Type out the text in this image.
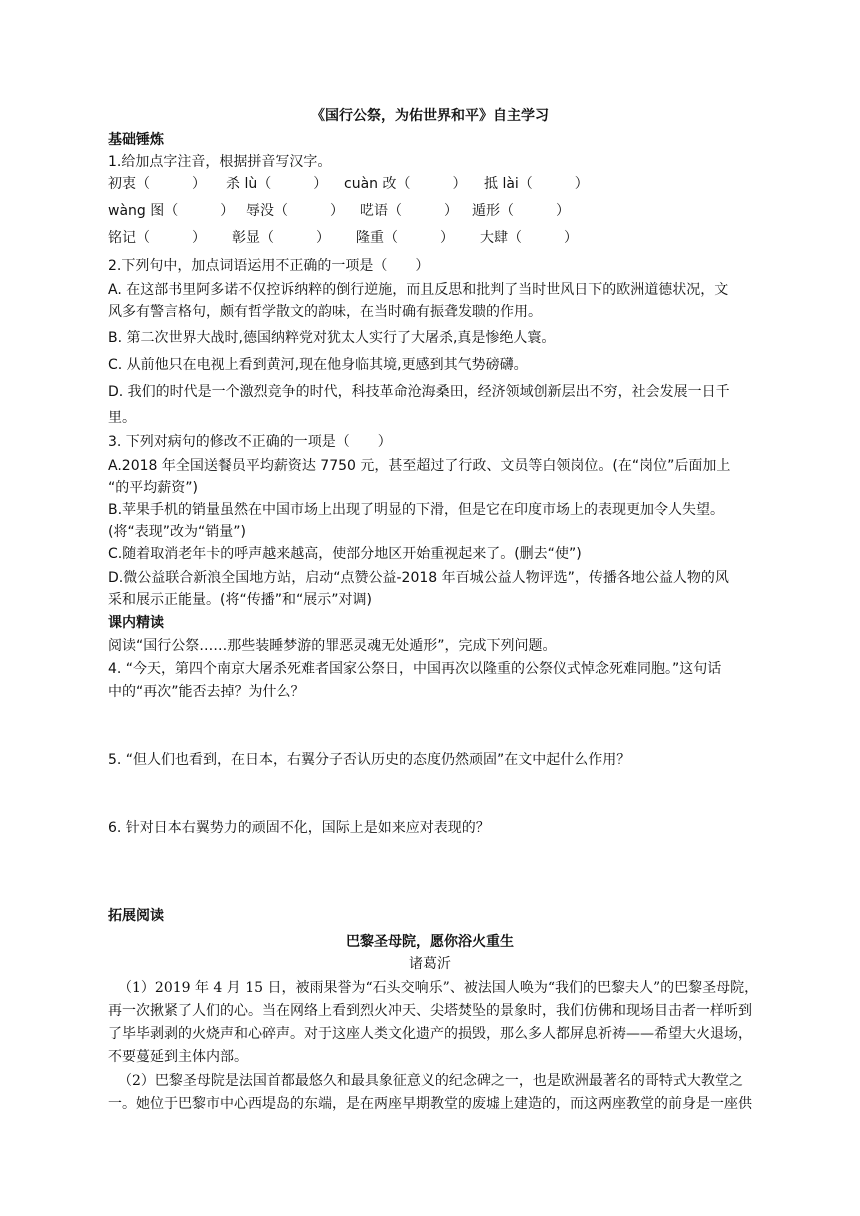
《国行公祭，为佑世界和平》自主学习
基础锤炼
1.给加点字注音，根据拼音写汉字。
初衷（　　　）	杀 lù（　　　）	cuàn 改（　　　）	抵 lài（　　　）
wàng 图（　　　） 辱没（　　　）	呓语（　　　）	遁形（　　　）
铭记（　　　）	彰显（　　　）	隆重（　　　）	大肆（　　　）
2.下列句中，加点词语运用不正确的一项是（　　）
A. 在这部书里阿多诺不仅控诉纳粹的倒行逆施，而且反思和批判了当时世风日下的欧洲道德状况，文
风多有警言格句，颇有哲学散文的韵味，在当时确有振聋发聩的作用。
B. 第二次世界大战时,德国纳粹党对犹太人实行了大屠杀,真是惨绝人寰。
C. 从前他只在电视上看到黄河,现在他身临其境,更感到其气势磅礴。
D. 我们的时代是一个激烈竞争的时代，科技革命沧海桑田，经济领域创新层出不穷，社会发展一日千
里。
3. 下列对病句的修改不正确的一项是（　　）
A.2018 年全国送餐员平均薪资达 7750 元，甚至超过了行政、文员等白领岗位。(在“岗位”后面加上
“的平均薪资”)
B.苹果手机的销量虽然在中国市场上出现了明显的下滑，但是它在印度市场上的表现更加令人失望。
(将“表现”改为“销量”)
C.随着取消老年卡的呼声越来越高，使部分地区开始重视起来了。(删去“使”)
D.微公益联合新浪全国地方站，启动“点赞公益-2018 年百城公益人物评选”，传播各地公益人物的风
采和展示正能量。(将“传播”和“展示”对调)
课内精读
阅读“国行公祭……那些装睡梦游的罪恶灵魂无处遁形”，完成下列问题。
4. “今天，第四个南京大屠杀死难者国家公祭日，中国再次以隆重的公祭仪式悼念死难同胞。”这句话
中的“再次”能否去掉？为什么？
5. “但人们也看到，在日本，右翼分子否认历史的态度仍然顽固”在文中起什么作用？
6. 针对日本右翼势力的顽固不化，国际上是如来应对表现的？
拓展阅读
巴黎圣母院，愿你浴火重生
诸葛沂
（1）2019 年 4 月 15 日，被雨果誉为“石头交响乐”、被法国人唤为“我们的巴黎夫人”的巴黎圣母院，
再一次揪紧了人们的心。当在网络上看到烈火冲天、尖塔焚坠的景象时，我们仿佛和现场目击者一样听到
了毕毕剥剥的火烧声和心碎声。对于这座人类文化遗产的损毁，那么多人都屏息祈祷——希望大火退场，
不要蔓延到主体内部。
（2）巴黎圣母院是法国首都最悠久和最具象征意义的纪念碑之一，也是欧洲最著名的哥特式大教堂之
一。她位于巴黎市中心西堤岛的东端，是在两座早期教堂的废墟上建造的，而这两座教堂的前身是一座供
